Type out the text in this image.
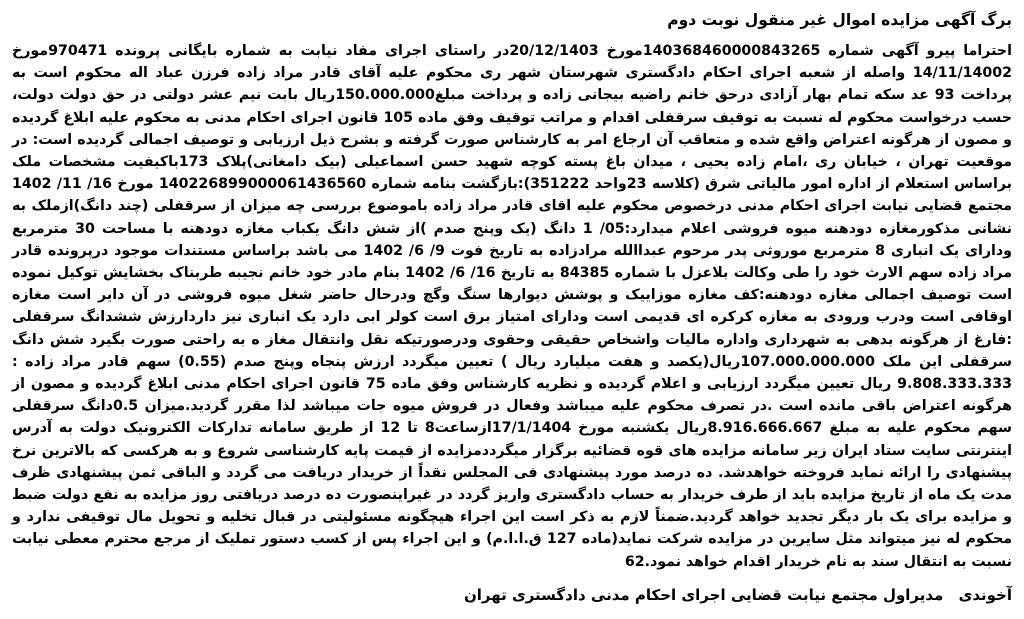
برگ آگهی مزایده اموال غیر منقول نوبت دوم

احتراما پیرو آگهی شماره 140368460000843265مورخ 20/12/1403در راستای اجرای مفاد نیابت به شماره بایگانی پرونده 970471مورخ 14/11/14002 واصله از شعبه اجرای احکام دادگستری شهرستان شهر ری محکوم علیه آقای قادر مراد زاده فرزن عباد اله محکوم است به پرداخت 93 عد سکه تمام بهار آزادی درحق خانم راضیه بیجانی زاده و پرداخت مبلغ150.000.000ریال بابت نیم عشر دولتی در حق دولت دولت، حسب درخواست محکوم له نسبت به توقیف سرقفلی اقدام و مراتب توقیف وفق ماده 105 قانون اجرای احکام مدنی به محکوم علیه ابلاغ گردیده و مصون از هرگونه اعتراض واقع شده و متعاقب آن ارجاع امر به کارشناس صورت گرفته و بشرح ذیل ارزیابی و توصیف اجمالی گردیده است: در موقعیت تهران ، خیابان ری ،امام زاده یحیی ، میدان باغ پسته کوچه شهید حسن اسماعیلی (بیک دامغانی)پلاک 173باکیفیت مشخصات ملک براساس استعلام از اداره امور مالیاتی شرق (کلاسه 23واحد 351222):بازگشت بنامه شماره 140226899000061436560 مورخ 16/ 11/ 1402 مجتمع قضایی نیابت اجرای احکام مدنی درخصوص محکوم علیه اقای قادر مراد زاده باموضوع بررسی چه میزان از سرقفلی (چند دانگ)ازملک به نشانی مذکورمغازه دودهنه میوه فروشی اعلام میدارد:05/ 1 دانگ (یک وپنج صدم )از شش دانگ یکباب مغازه دودهنه با مساحت 30 مترمربع ودارای یک انباری 8 مترمربع موروثی پدر مرحوم عبداالله مرادزاده به تاریخ فوت 9/ 6/ 1402 می باشد براساس مستندات موجود درپرونده قادر مراد زاده سهم الارث خود را طی وکالت بلاعزل با شماره 84385 به تاریخ 16/ 6/ 1402 بنام مادر خود خانم نجیبه طربناک بخشایش توکیل نموده است توصیف اجمالی مغازه دودهنه:کف مغازه موزاییک و پوشش دیوارها سنگ وگچ ودرحال حاضر شغل میوه فروشی در آن دایر است مغازه اوقافی است ودرب ورودی به مغازه کرکره ای قدیمی است ودارای امتیاز برق است کولر ابی دارد یک انباری نیز داردارزش ششدانگ سرقفلی :فارغ از هرگونه بدهی به شهرداری واداره مالیات واشخاص حقیقی وحقوی ودرصورتیکه نقل وانتقال مغاز ه به راحتی صورت بگیرد شش دانگ سرقفلی این ملک 107.000.000.000ریال(یکصد و هفت میلیارد ریال ) تعیین میگردد ارزش پنجاه وپنج صدم (0.55) سهم قادر مراد زاده : 9.808.333.333 ریال تعیین میگردد ارزیابی و اعلام گردیده و نظریه کارشناس وفق ماده 75 قانون اجرای احکام مدنی ابلاغ گردیده و مصون از هرگونه اعتراض باقی مانده است .در تصرف محکوم علیه میباشد وفعال در فروش میوه جات میباشد لذا مقرر گردید.میزان 0.5دانگ سرقفلی سهم محکوم علیه به مبلغ 8.916.666.667ریال یکشنبه مورخ 17/1/1404ازساعت8 تا 12 از طریق سامانه تدارکات الکترونیک دولت به آدرس اینترنتی سایت ستاد ایران زیر سامانه مزایده های قوه قضائیه برگزار میگرددمزایده از قیمت پایه کارشناسی شروع و به هرکسی که بالاترین نرخ پیشنهادی را ارائه نماید فروخته خواهدشد. ده درصد مورد پیشنهادی فی المجلس نقداً از خریدار دریافت می گردد و الباقی ثمن پیشنهادی ظرف مدت یک ماه از تاریخ مزایده باید از طرف خریدار به حساب دادگستری واریز گردد در غیراینصورت ده درصد دریافتی روز مزایده به نفع دولت ضبط و مزایده برای یک بار دیگر تجدید خواهد گردید.ضمناً لازم به ذکر است این اجراء هیچگونه مسئولیتی در قبال تخلیه و تحویل مال توقیفی ندارد و محکوم له نیز میتواند مثل سایرین در مزایده شرکت نماید(ماده 127 ق.ا.ا.م) و این اجراء پس از کسب دستور تملیک از مرجع محترم معطی نیابت نسبت به انتقال سند به نام خریدار اقدام خواهد نمود.62

آخوندی مدیراول مجتمع نیابت قضایی اجرای احکام مدنی دادگستری تهران
